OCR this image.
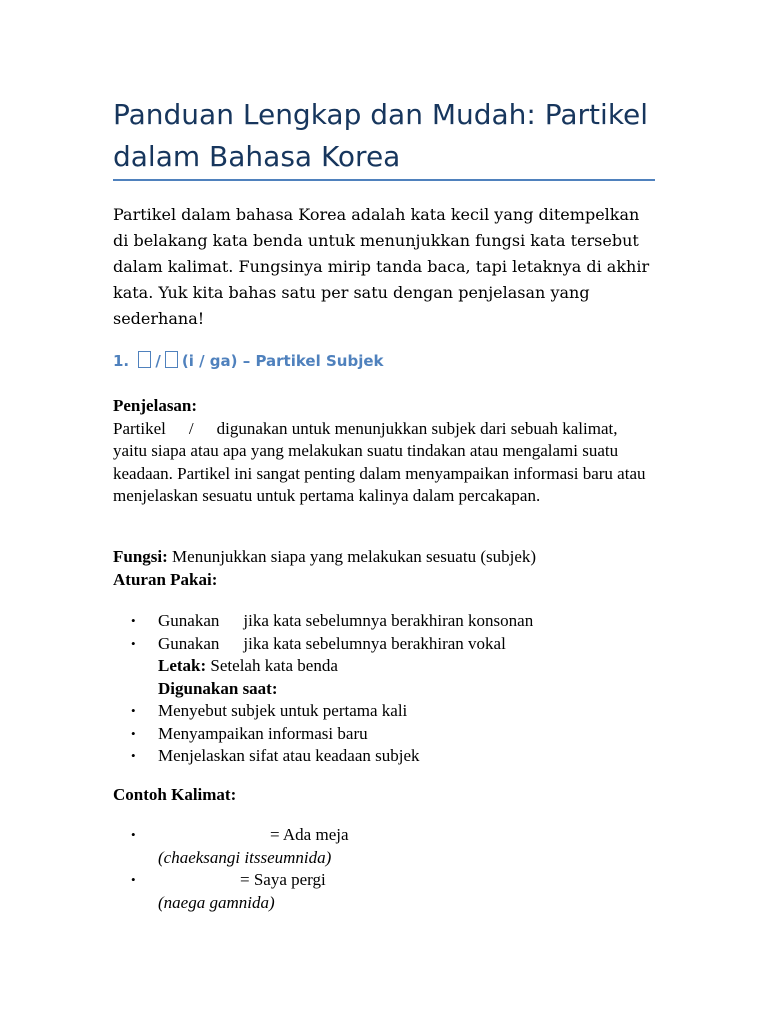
Panduan Lengkap dan Mudah: Partikel dalam Bahasa Korea

Partikel dalam bahasa Korea adalah kata kecil yang ditempelkan di belakang kata benda untuk menunjukkan fungsi kata tersebut dalam kalimat. Fungsinya mirip tanda baca, tapi letaknya di akhir kata. Yuk kita bahas satu per satu dengan penjelasan yang sederhana!

1. / (i / ga) – Partikel Subjek
Penjelasan:
Partikel / digunakan untuk menunjukkan subjek dari sebuah kalimat, yaitu siapa atau apa yang melakukan suatu tindakan atau mengalami suatu keadaan. Partikel ini sangat penting dalam menyampaikan informasi baru atau menjelaskan sesuatu untuk pertama kalinya dalam percakapan.
Fungsi: Menunjukkan siapa yang melakukan sesuatu (subjek)
Aturan Pakai:
• Gunakan jika kata sebelumnya berakhiran konsonan
• Gunakan jika kata sebelumnya berakhiran vokal
Letak: Setelah kata benda
Digunakan saat:
• Menyebut subjek untuk pertama kali
• Menyampaikan informasi baru
• Menjelaskan sifat atau keadaan subjek
Contoh Kalimat:
• = Ada meja
(chaeksangi itsseumnida)
• = Saya pergi
(naega gamnida)
